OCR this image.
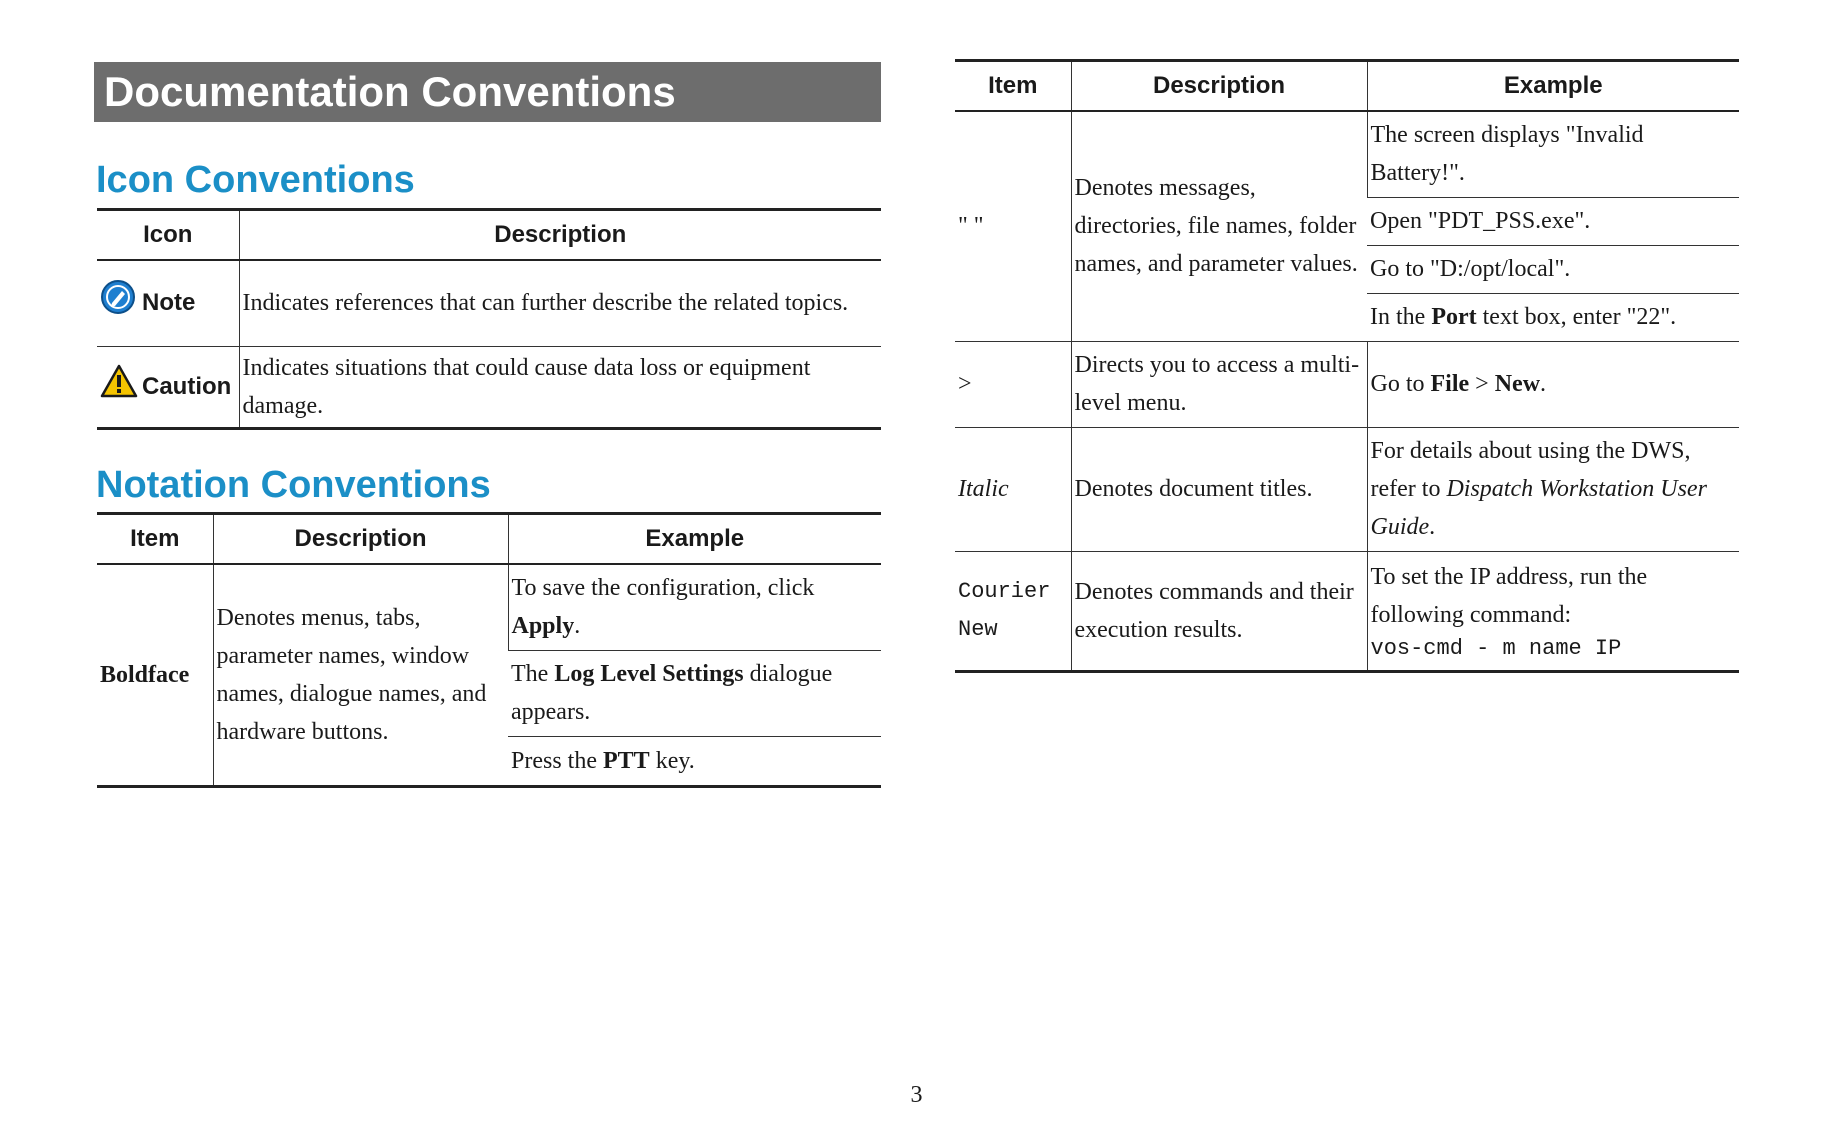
Documentation Conventions
Icon Conventions
Icon	Description

Note	Indicates references that can further describe the related topics.

Caution	Indicates situations that could cause data loss or equipment damage.
Notation Conventions
Item	Description	Example
Boldface	Denotes menus, tabs, parameter names, window names, dialogue names, and hardware buttons.	To save the configuration, click Apply.
		The Log Level Settings dialogue appears.
		Press the PTT key.
Item	Description	Example
" "	Denotes messages, directories, file names, folder names, and parameter values.	The screen displays "Invalid Battery!".
		Open "PDT_PSS.exe".
		Go to "D:/opt/local".
		In the Port text box, enter "22".
>	Directs you to access a multi-level menu.	Go to File > New.
Italic	Denotes document titles.	For details about using the DWS, refer to Dispatch Workstation User Guide.
Courier New	Denotes commands and their execution results.	To set the IP address, run the following command:
vos-cmd - m name IP
3
